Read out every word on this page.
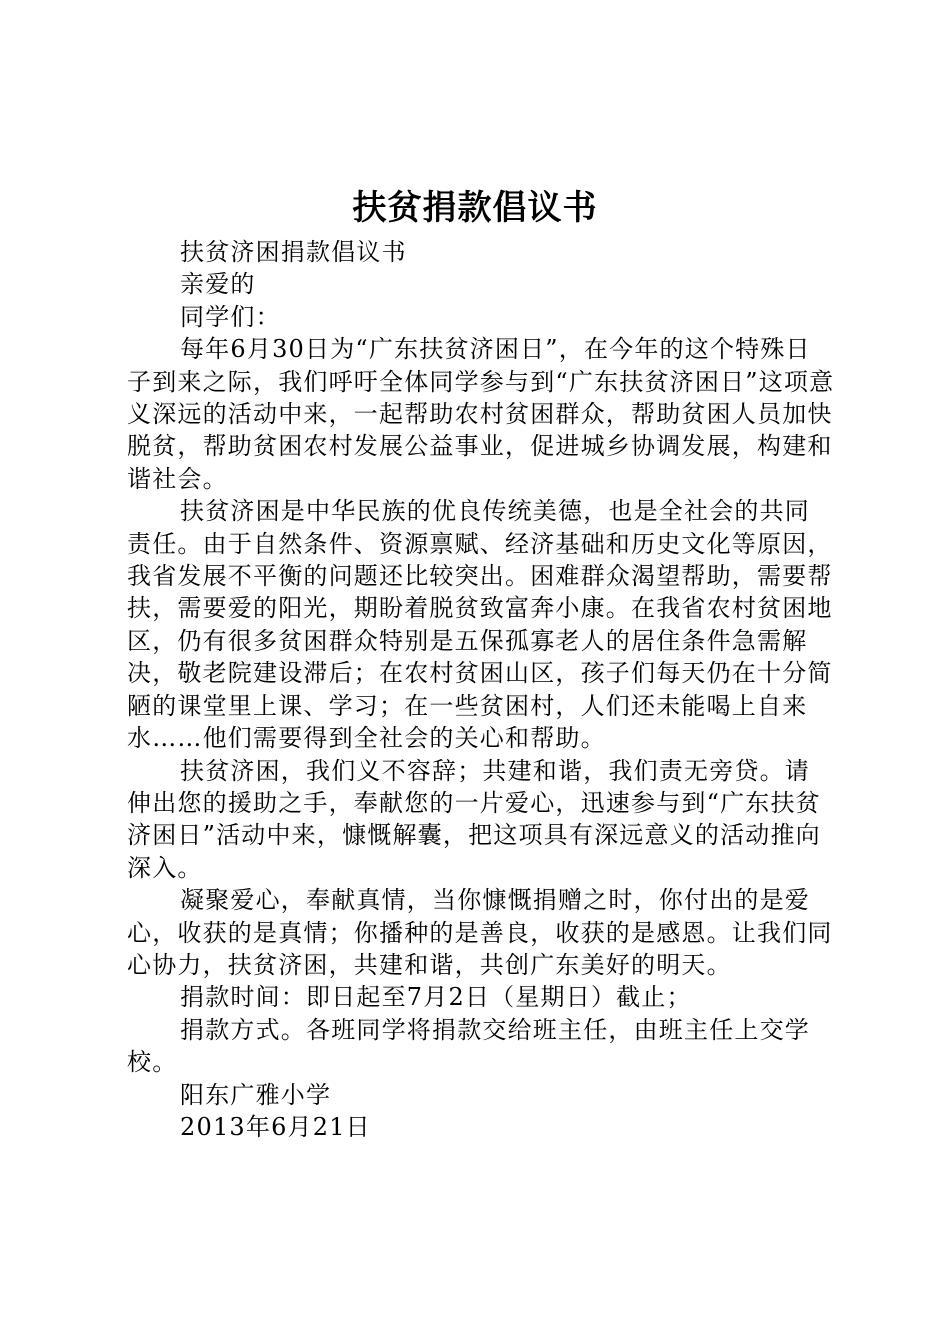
扶贫捐款倡议书

扶贫济困捐款倡议书

亲爱的

同学们：

每年6月30日为“广东扶贫济困日”，在今年的这个特殊日子到来之际，我们呼吁全体同学参与到“广东扶贫济困日”这项意义深远的活动中来，一起帮助农村贫困群众，帮助贫困人员加快脱贫，帮助贫困农村发展公益事业，促进城乡协调发展，构建和谐社会。

扶贫济困是中华民族的优良传统美德，也是全社会的共同责任。由于自然条件、资源禀赋、经济基础和历史文化等原因，我省发展不平衡的问题还比较突出。困难群众渴望帮助，需要帮扶，需要爱的阳光，期盼着脱贫致富奔小康。在我省农村贫困地区，仍有很多贫困群众特别是五保孤寡老人的居住条件急需解决，敬老院建设滞后；在农村贫困山区，孩子们每天仍在十分简陋的课堂里上课、学习；在一些贫困村，人们还未能喝上自来水……他们需要得到全社会的关心和帮助。

扶贫济困，我们义不容辞；共建和谐，我们责无旁贷。请伸出您的援助之手，奉献您的一片爱心，迅速参与到“广东扶贫济困日”活动中来，慷慨解囊，把这项具有深远意义的活动推向深入。

凝聚爱心，奉献真情，当你慷慨捐赠之时，你付出的是爱心，收获的是真情；你播种的是善良，收获的是感恩。让我们同心协力，扶贫济困，共建和谐，共创广东美好的明天。

捐款时间：即日起至7月2日（星期日）截止；

捐款方式。各班同学将捐款交给班主任，由班主任上交学校。

阳东广雅小学

2013年6月21日
